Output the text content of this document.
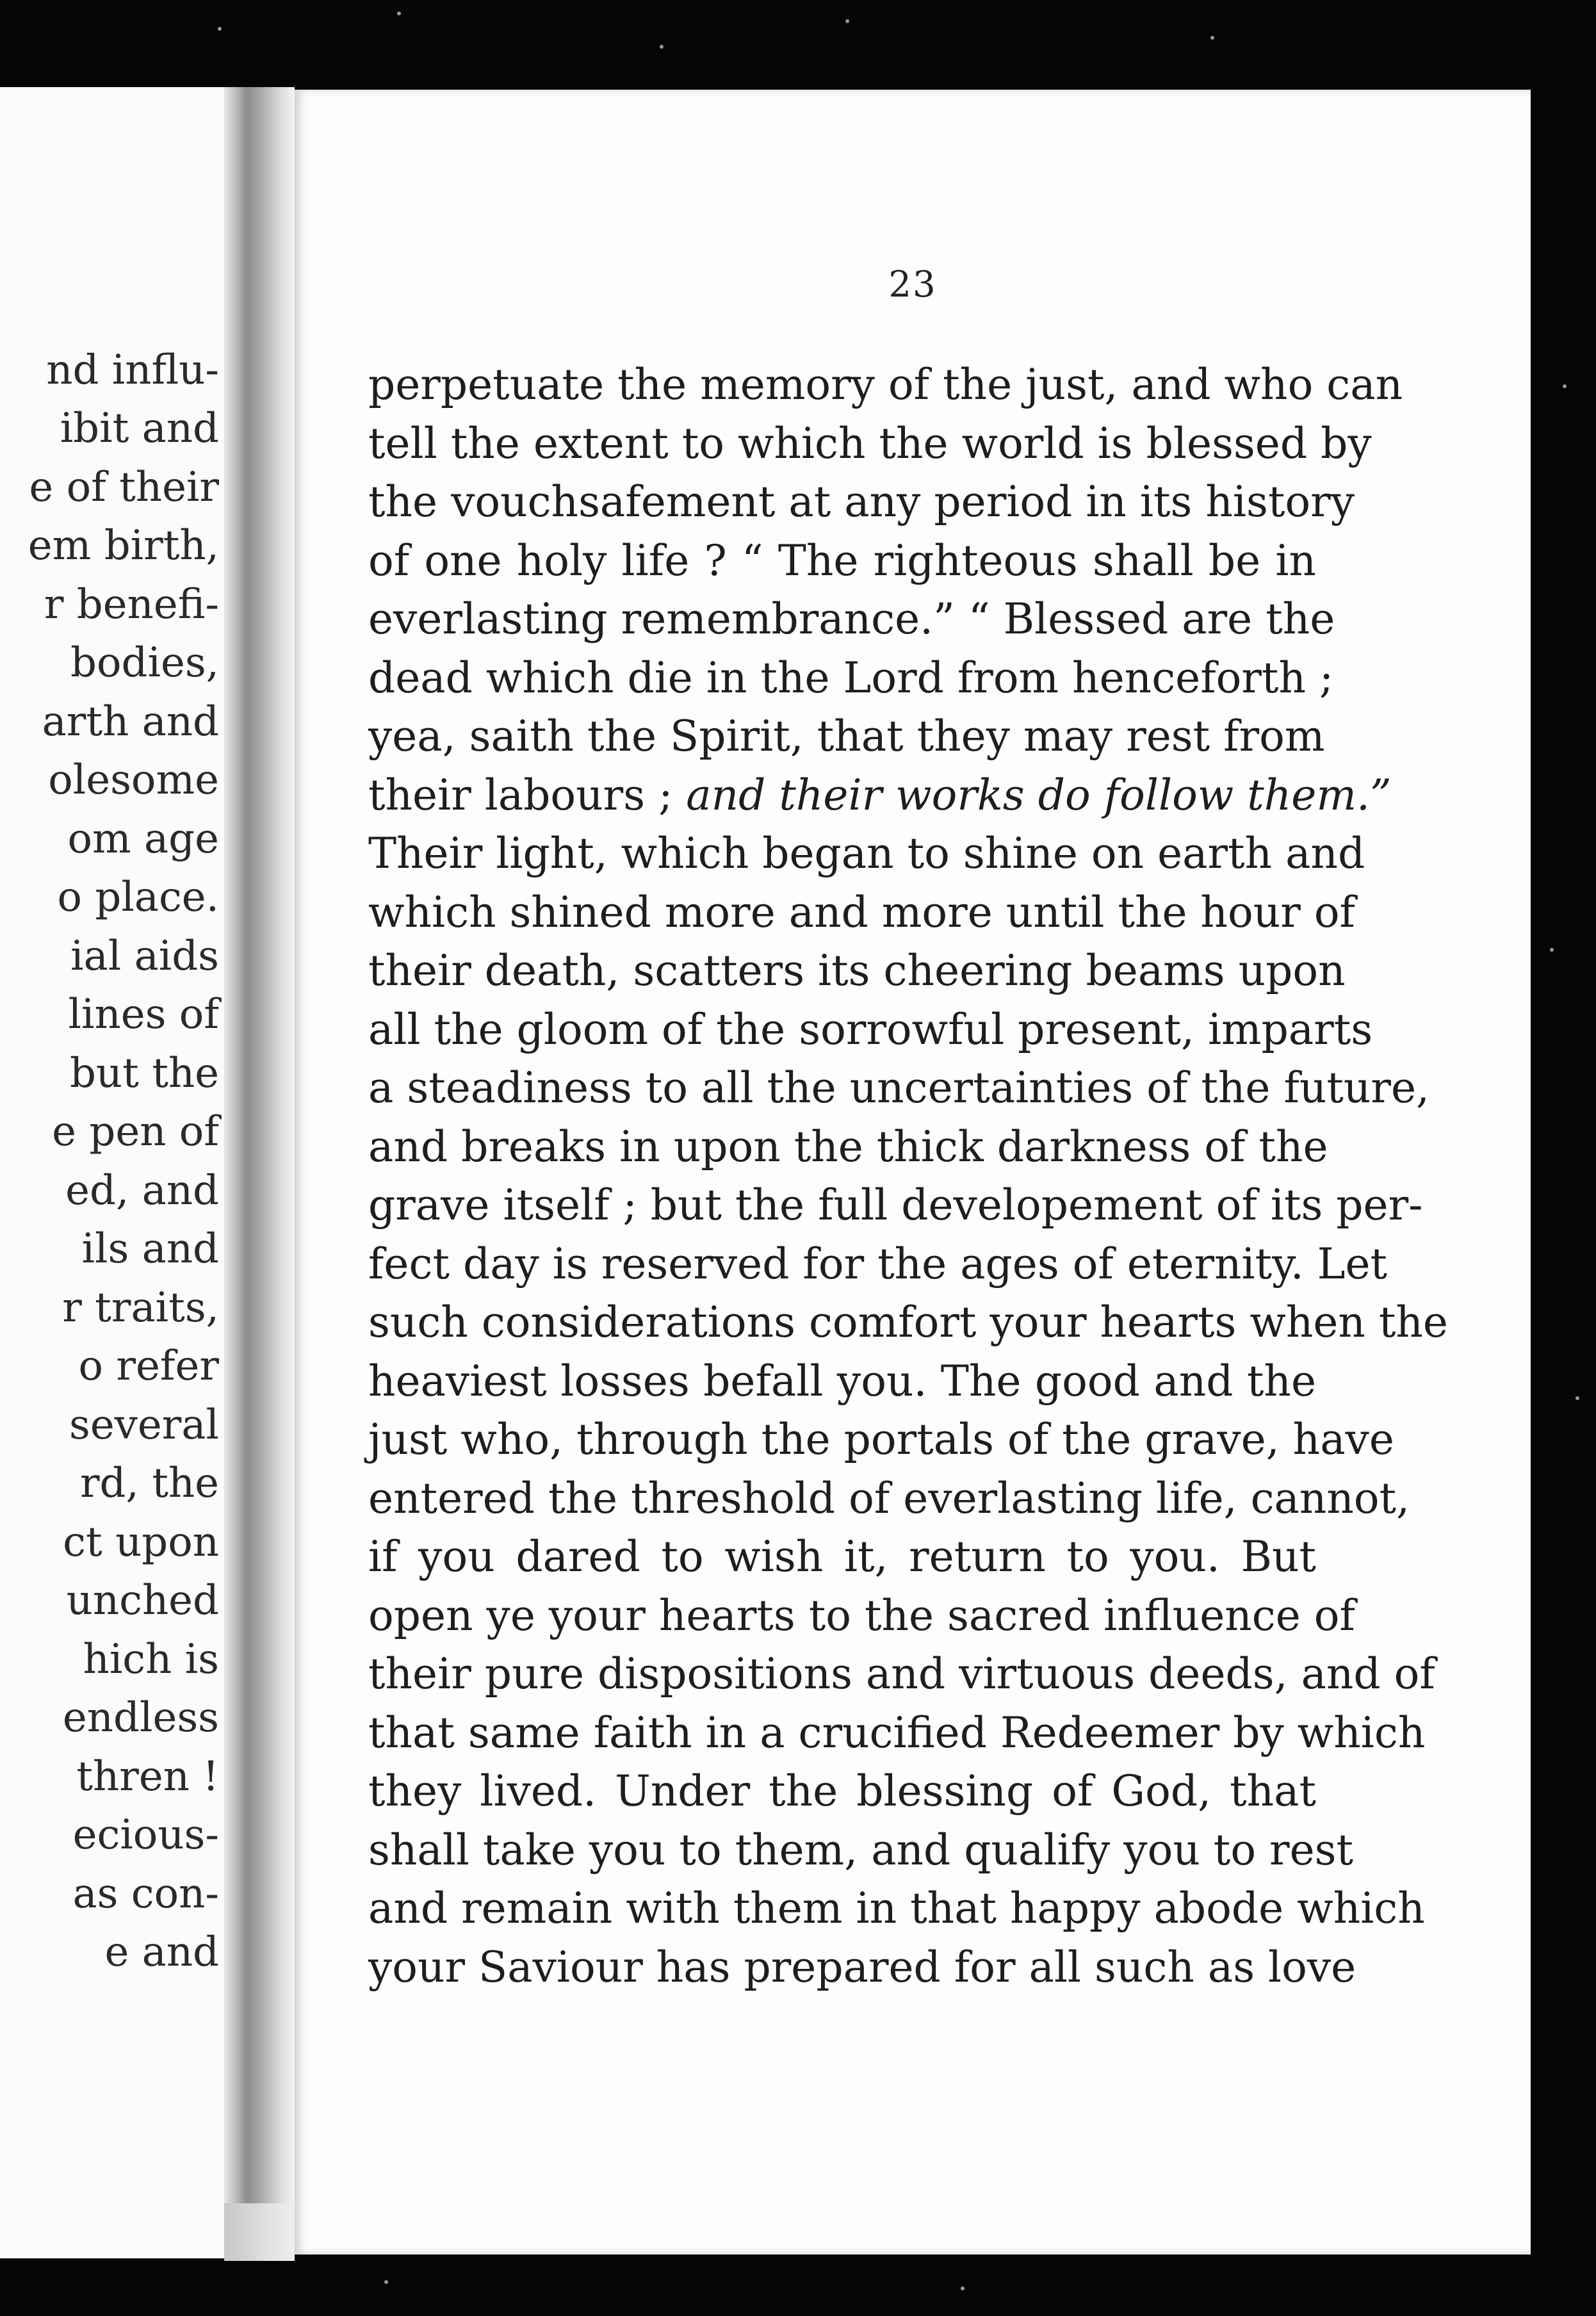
nd influ-
ibit and
e of their
em birth,
r benefi-
bodies,
arth and
olesome
om age
o place.
ial aids
lines of
but the
e pen of
ed, and
ils and
r traits,
o refer
several
rd, the
ct upon
unched
hich is
endless
thren !
ecious-
as con-
e and
23
perpetuate the memory of the just, and who can
tell the extent to which the world is blessed by
the vouchsafement at any period in its history
of one holy life ? “ The righteous shall be in
everlasting remembrance.” “ Blessed are the
dead which die in the Lord from henceforth ;
yea, saith the Spirit, that they may rest from
their labours ; and their works do follow them.”
Their light, which began to shine on earth and
which shined more and more until the hour of
their death, scatters its cheering beams upon
all the gloom of the sorrowful present, imparts
a steadiness to all the uncertainties of the future,
and breaks in upon the thick darkness of the
grave itself ; but the full developement of its per-
fect day is reserved for the ages of eternity. Let
such considerations comfort your hearts when the
heaviest losses befall you. The good and the
just who, through the portals of the grave, have
entered the threshold of everlasting life, cannot,
if you dared to wish it, return to you. But
open ye your hearts to the sacred influence of
their pure dispositions and virtuous deeds, and of
that same faith in a crucified Redeemer by which
they lived. Under the blessing of God, that
shall take you to them, and qualify you to rest
and remain with them in that happy abode which
your Saviour has prepared for all such as love
